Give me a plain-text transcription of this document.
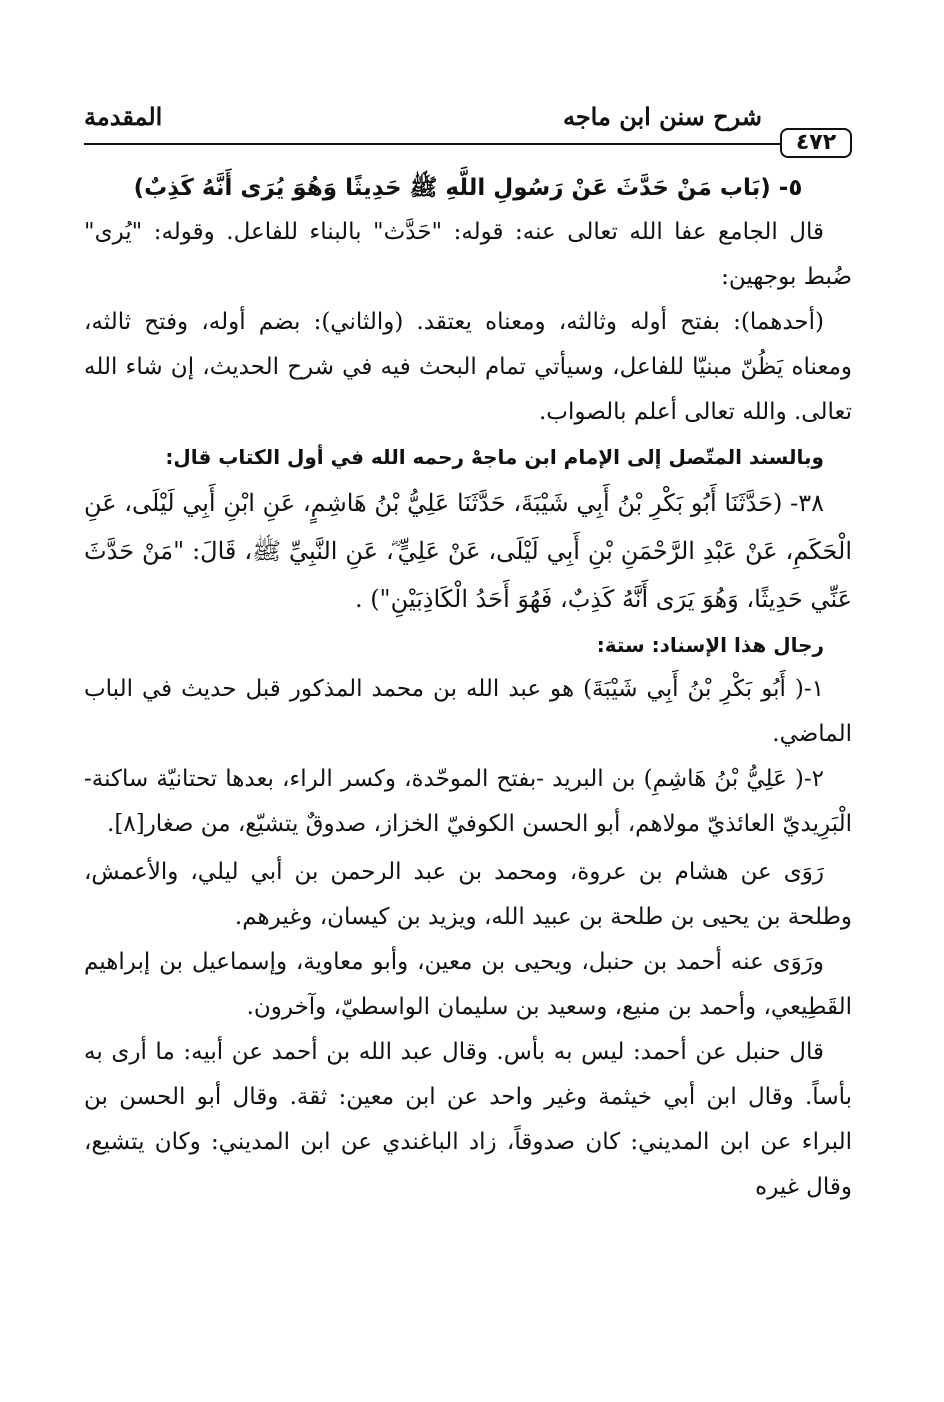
٤٧٢
شرح سنن ابن ماجه
المقدمة
٥- (بَاب مَنْ حَدَّثَ عَنْ رَسُولِ اللَّهِ ﷺ حَدِيثًا وَهُوَ يُرَى أَنَّهُ كَذِبٌ)

قال الجامع عفا الله تعالى عنه: قوله: "حَدَّث" بالبناء للفاعل. وقوله: "يُرى" ضُبط بوجهين:

(أحدهما): بفتح أوله وثالثه، ومعناه يعتقد. (والثاني): بضم أوله، وفتح ثالثه، ومعناه يَظُنّ مبنيّا للفاعل، وسيأتي تمام البحث فيه في شرح الحديث، إن شاء الله تعالى. والله تعالى أعلم بالصواب.

وبالسند المتّصل إلى الإمام ابن ماجهْ رحمه الله في أول الكتاب قال:

٣٨- (حَدَّثَنَا أَبُو بَكْرِ بْنُ أَبِي شَيْبَةَ، حَدَّثَنَا عَلِيُّ بْنُ هَاشِمٍ، عَنِ ابْنِ أَبِي لَيْلَى، عَنِ الْحَكَمِ، عَنْ عَبْدِ الرَّحْمَنِ بْنِ أَبِي لَيْلَى، عَنْ عَلِيٍّ ؓ، عَنِ النَّبِيِّ ﷺ، قَالَ: "مَنْ حَدَّثَ عَنِّي حَدِيثًا، وَهُوَ يَرَى أَنَّهُ كَذِبٌ، فَهُوَ أَحَدُ الْكَاذِبَيْنِ") .

رجال هذا الإسناد: ستة:

١-( أَبُو بَكْرِ بْنُ أَبِي شَيْبَةَ) هو عبد الله بن محمد المذكور قبل حديث في الباب الماضي.

٢-( عَلِيُّ بْنُ هَاشِمِ) بن البريد -بفتح الموحّدة، وكسر الراء، بعدها تحتانيّة ساكنة- الْبَرِيديّ العائذيّ مولاهم، أبو الحسن الكوفيّ الخزاز، صدوقٌ يتشيّع، من صغار[٨].

رَوَى عن هشام بن عروة، ومحمد بن عبد الرحمن بن أبي ليلي، والأعمش، وطلحة بن يحيى بن طلحة بن عبيد الله، ويزيد بن كيسان، وغيرهم.

ورَوَى عنه أحمد بن حنبل، ويحيى بن معين، وأبو معاوية، وإسماعيل بن إبراهيم القَطِيعي، وأحمد بن منيع، وسعيد بن سليمان الواسطيّ، وآخرون.

قال حنبل عن أحمد: ليس به بأس. وقال عبد الله بن أحمد عن أبيه: ما أرى به بأساً. وقال ابن أبي خيثمة وغير واحد عن ابن معين: ثقة. وقال أبو الحسن بن البراء عن ابن المديني: كان صدوقاً، زاد الباغندي عن ابن المديني: وكان يتشيع، وقال غيره
